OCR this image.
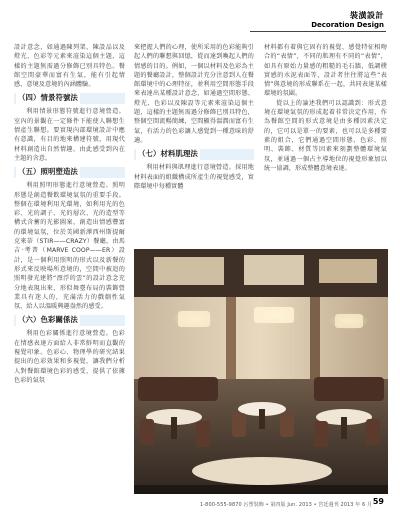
裝潢設計
Decoration Design

設計意念，如通過陳列架、陳設品以及燈光、色彩等元素來渲染這個主題，這樣的主題無需過分修飾已別具特色。餐館空間豪華而富有生氣，能有引起情感、意境及意境的內涵體驗。

（四）情景符號法

利用情景形態符號進行意境營造。室內的景觀在一定條件下能使人聯想生情產生聯想。要實現內部環境設計中應有意識，有目的地來構建符號，用現代材料創造出自然情趣，由此感受到內在主題的含意。

（五）照明塑造法

利用照明形態進行意境營造。照明形態是創造餐飲環境氣氛的重要手段。整個在環境利用光環境，如利用光的色彩、光的調子、光的層次、光的造型等構式含蓄的光影圖案，創造出情感豐富的環境氣氛，位於美國新澤西州斯提爾克來蒂（STIR——CRAZY）餐廳，由馬吉·考普（MARVE COOP——ER）設計，是一個利用照明的形式以及新餐的形式來反映場所意境的，空間中被追的照明發光建將“漂浮的雲”的設計意念充分地表現出來，形似舞臺布局的裝飾營業具有迷人的，充滿活力的戲劇性氣氛，給人以溫暖興趣盎然的感受。

（六）色彩關係法

利用色彩關係進行意境營造。色彩在情感表達方面給人非常鮮明而直觀的視覺印象。色彩心、物理學的研究結果提出的色彩效果和多視覺，讓我們分析人對餐館環境色彩的感受，提供了依據色彩的氣氛

來把握人們的心理，使所采用的色彩能夠引起人們的聯想與回憶，從而達到喚起人們的情感的目的。例如，一個以材料及色彩為主題的餐廳設計，整個設計充分注意到人在餐館環境中的心理特征，並利用空間形態手段來表達出某種設計意念，如通過空間形態、燈光、色彩以及陳設等元素來渲染這個主題，這樣的主題無需過分修飾已別具特色，整個空間流暢簡練，空間顯得溫潤而富有生氣，有活力的色彩讓人感覺到一種意味的舒適。

（七）材料肌理法

利用材料與肌理進行意境營造。採用地材料表面的組織構成所產生的視覺感受，實際環境中每種實體

材料都有着與它固有的視覺、感覺特征相吻合的“表情”，不同的肌理有不同的“表情”，如具有原始力量感的粗糙的毛石牆，低調樸實感的水泥表面等，設計者往往將這些“表情”與意境的形成聯系在一起，共同表達某樣環境的氛圍。

從以上的論述我們可以認識到：形式意境在環境氣氛的形成起着非常決定作用，作為餐館空間的形式意境是由多種因素決定的，它可以是單一的要素，也可以是多種要素的組合，它們通過空間形態、色彩、照明、裝飾、材質等因素來刻劃整體環境氣氛，並通過一個占主導地位的視覺形象加以統一協調，形成整體意境表達。

1-800-555-9870 污塑裝飾 • 第四版 Jun. 2013 • 宮廷週刊 2013 年 6 月 59
